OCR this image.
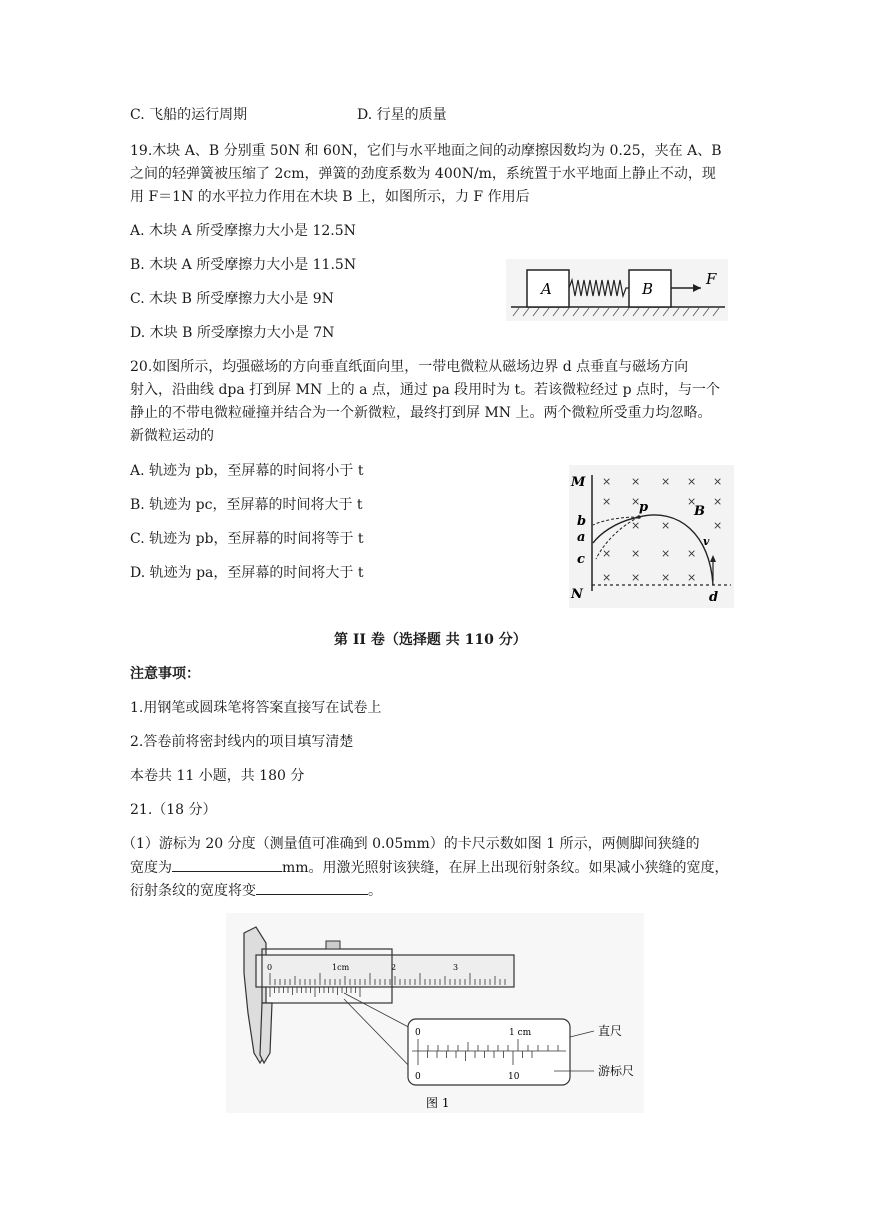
C. 飞船的运行周期	D. 行星的质量
19.木块 A、B 分别重 50N 和 60N，它们与水平地面之间的动摩擦因数均为 0.25，夹在 A、B
之间的轻弹簧被压缩了 2cm，弹簧的劲度系数为 400N/m，系统置于水平地面上静止不动，现
用 F＝1N 的水平拉力作用在木块 B 上，如图所示，力 F 作用后
A. 木块 A 所受摩擦力大小是 12.5N
B. 木块 A 所受摩擦力大小是 11.5N
C. 木块 B 所受摩擦力大小是 9N
D. 木块 B 所受摩擦力大小是 7N
A	B
F
20.如图所示，均强磁场的方向垂直纸面向里，一带电微粒从磁场边界 d 点垂直与磁场方向
射入，沿曲线 dpa 打到屏 MN 上的 a 点，通过 pa 段用时为 t。若该微粒经过 p 点时，与一个
静止的不带电微粒碰撞并结合为一个新微粒，最终打到屏 MN 上。两个微粒所受重力均忽略。
新微粒运动的
A. 轨迹为 pb，至屏幕的时间将小于 t
B. 轨迹为 pc，至屏幕的时间将大于 t
C. 轨迹为 pb，至屏幕的时间将等于 t
D. 轨迹为 pa，至屏幕的时间将大于 t
× × × × ×
× ×	× ×
× ×	×
× × × ×
× × × ×
M
b
a
c
N
p	B
v
d
第 II 卷（选择题 共 110 分）
注意事项：
1.用钢笔或圆珠笔将答案直接写在试卷上
2.答卷前将密封线内的项目填写清楚
本卷共 11 小题，共 180 分
21.（18 分）
（1）游标为 20 分度（测量值可准确到 0.05mm）的卡尺示数如图 1 所示，两侧脚间狭缝的
宽度为	mm。用激光照射该狭缝，在屏上出现衍射条纹。如果减小狭缝的宽度，
衍射条纹的宽度将变	。
0	1cm	2	3
0	1 cm
0	10
直尺
游标尺
图 1
